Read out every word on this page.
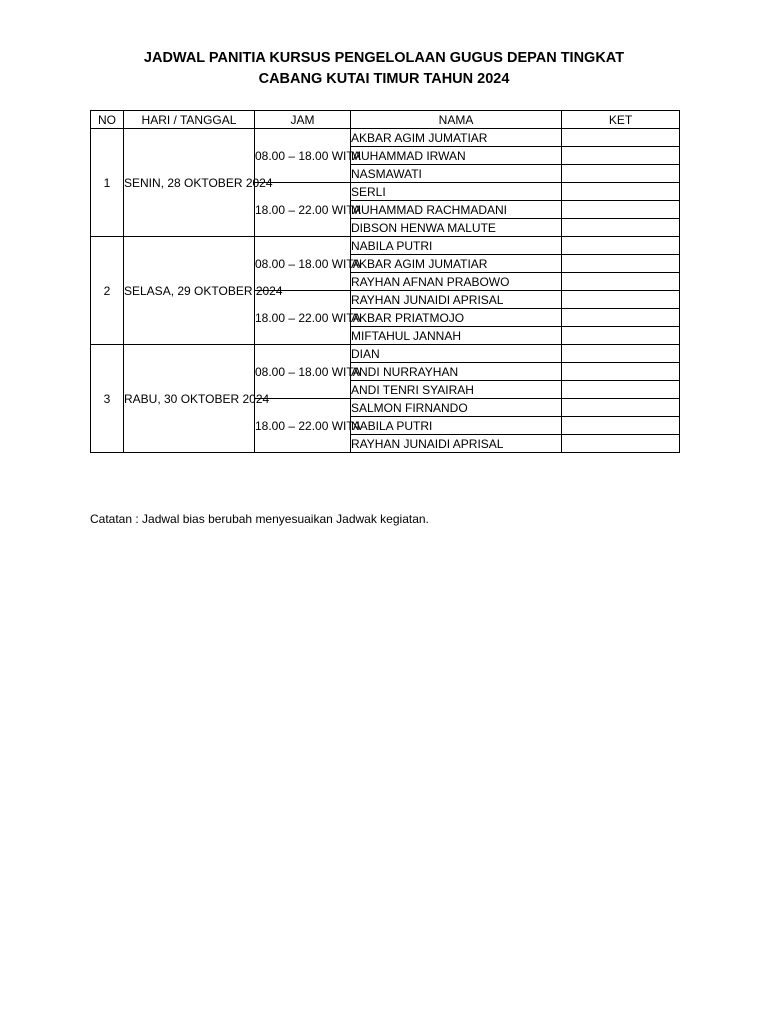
JADWAL PANITIA KURSUS PENGELOLAAN GUGUS DEPAN TINGKAT
CABANG KUTAI TIMUR TAHUN 2024
NO	HARI / TANGGAL	JAM	NAMA	KET
1	SENIN, 28 OKTOBER 2024	08.00 – 18.00 WITA	AKBAR AGIM JUMATIAR	
			MUHAMMAD IRWAN	
			NASMAWATI	
		18.00 – 22.00 WITA	SERLI	
			MUHAMMAD RACHMADANI	
			DIBSON HENWA MALUTE	
2	SELASA, 29 OKTOBER 2024	08.00 – 18.00 WITA	NABILA PUTRI	
			AKBAR AGIM JUMATIAR	
			RAYHAN AFNAN PRABOWO	
		18.00 – 22.00 WITA	RAYHAN JUNAIDI APRISAL	
			AKBAR PRIATMOJO	
			MIFTAHUL JANNAH	
3	RABU, 30 OKTOBER 2024	08.00 – 18.00 WITA	DIAN	
			ANDI NURRAYHAN	
			ANDI TENRI SYAIRAH	
		18.00 – 22.00 WITA	SALMON FIRNANDO	
			NABILA PUTRI	
			RAYHAN JUNAIDI APRISAL	
Catatan : Jadwal bias berubah menyesuaikan Jadwak kegiatan.
